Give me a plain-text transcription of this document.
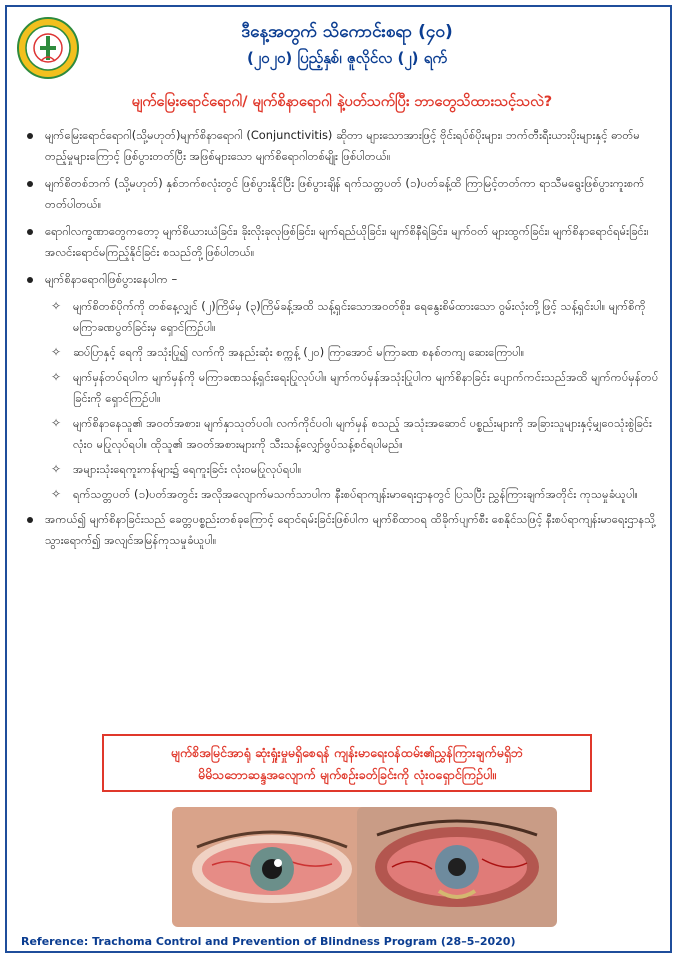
ဒီနေ့အတွက် သိကောင်းစရာ (၄၀)
(၂၀၂၀) ပြည့်နှစ်၊ ဇူလိုင်လ (၂) ရက်
မျက်မြေးရောင်ရောဂါ/ မျက်စိနာရောဂါ နဲ့ပတ်သက်ပြီး ဘာတွေသိထားသင့်သလဲ?
မျက်မြေးရောင်ရောဂါ(သို့မဟုတ်)မျက်စိနာရောဂါ (Conjunctivitis) ဆိုတာ များသောအားဖြင့် ဗိုင်းရပ်စ်ပိုးများ၊ ဘက်တီးရီးယားပိုးများနှင့် ဓာတ်မတည့်မှုများကြောင့် ဖြစ်ပွားတတ်ပြီး အဖြစ်များသော မျက်စိရောဂါတစ်မျိုး ဖြစ်ပါတယ်။
မျက်စိတစ်ဘက် (သို့မဟုတ်) နှစ်ဘက်စလုံးတွင် ဖြစ်ပွားနိုင်ပြီး ဖြစ်ပွားချိန် ရက်သတ္တပတ် (၁)ပတ်ခန့်ထိ ကြာမြင့်တတ်ကာ ရာသီမရွေးဖြစ်ပွားကူးစက်တတ်ပါတယ်။
ရောဂါလက္ခဏာတွေကတော့ မျက်စိယားယံခြင်း၊ ခိုးလိုးခုလုဖြစ်ခြင်း၊ မျက်ရည်ယိုခြင်း၊ မျက်စိနီရဲခြင်း၊ မျက်ဝတ် များထွက်ခြင်း၊ မျက်စိနာရောင်ရမ်းခြင်း၊ အလင်းရောင်မကြည့်နိုင်ခြင်း စသည်တို့ဖြစ်ပါတယ်။
မျက်စိနာရောဂါဖြစ်ပွားနေပါက –
✧ မျက်စိတစ်ပိုက်ကို တစ်နေ့လျှင် (၂)ကြိမ်မှ (၃)ကြိမ်ခန့်အထိ သန့်ရှင်းသောအဝတ်စိုး၊ ရေနွေးစိမ်ထားသော ဝွမ်းလုံးတို့ဖြင့် သန့်ရှင်းပါ။ မျက်စိကို မကြာခဏပွတ်ခြင်းမှ ရှောင်ကြဉ်ပါ။
✧ ဆပ်ပြာနှင့် ရေကို အသုံးပြု၍ လက်ကို အနည်းဆုံး စက္ကန့် (၂၀) ကြာအောင် မကြာခဏ စနစ်တကျ ဆေးကြောပါ။
✧ မျက်မှန်တပ်ရပါက မျက်မှန်ကို မကြာခဏသန့်ရှင်းရေးပြုလုပ်ပါ။ မျက်ကပ်မှန်အသုံးပြုပါက မျက်စိနာခြင်း ပျောက်ကင်းသည်အထိ မျက်ကပ်မှန်တပ်ခြင်းကို ရှောင်ကြဉ်ပါ။
✧ မျက်စိနာနေသူ၏ အဝတ်အစား၊ မျက်နှာသုတ်ပဝါ၊ လက်ကိုင်ပဝါ၊ မျက်မှန် စသည့် အသုံးအဆောင် ပစ္စည်းများကို အခြားသူများနှင့်မျှဝေသုံးစွဲခြင်း လုံးဝ မပြုလုပ်ရပါ။ ထိုသူ၏ အဝတ်အစားများကို သီးသန့်လျှော်ဖွပ်သန့်စင်ရပါမည်။
✧ အများသုံးရေကူးကန်များ၌ ရေကူးခြင်း လုံးဝမပြုလုပ်ရပါ။
✧ ရက်သတ္တပတ် (၁)ပတ်အတွင်း အလိုအလျောက်မသက်သာပါက နီးစပ်ရာကျန်းမာရေးဌာနတွင် ပြသပြီး ညွှန်ကြားချက်အတိုင်း ကုသမှုခံယူပါ။
အကယ်၍ မျက်စိနာခြင်းသည် ခေတ္တပစ္စည်းတစ်ခုကြောင့် ရောင်ရမ်းခြင်းဖြစ်ပါက မျက်စိထာဝရ ထိခိုက်ပျက်စီး စေနိုင်သဖြင့် နီးစပ်ရာကျန်းမာရေးဌာနသို့ သွားရောက်၍ အလျင်အမြန်ကုသမှုခံယူပါ။
မျက်စိအမြင်အာရုံ ဆုံးရှုံးမှုမရှိစေရန် ကျန်းမာရေးဝန်ထမ်း၏ညွှန်ကြားချက်မရှိဘဲ
မိမိသဘောဆန္ဒအလျောက် မျက်စဉ်းခတ်ခြင်းကို လုံးဝရှောင်ကြဉ်ပါ။
Reference: Trachoma Control and Prevention of Blindness Program (28–5–2020)
